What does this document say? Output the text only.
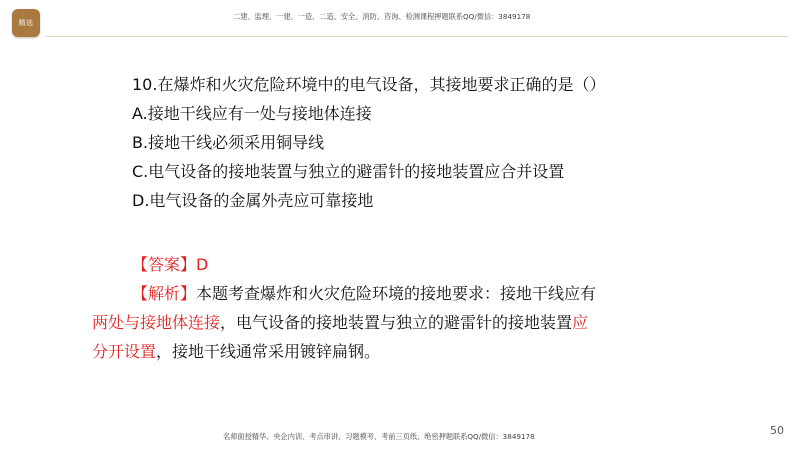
精选
二建、监理、一建、一造、二造、安全、消防、咨询、检测课程押题联系QQ/微信：3849178
10.在爆炸和火灾危险环境中的电气设备，其接地要求正确的是（）
A.接地干线应有一处与接地体连接
B.接地干线必须采用铜导线
C.电气设备的接地装置与独立的避雷针的接地装置应合并设置
D.电气设备的金属外壳应可靠接地
【答案】D
【解析】本题考查爆炸和火灾危险环境的接地要求：接地干线应有
两处与接地体连接，电气设备的接地装置与独立的避雷针的接地装置应
分开设置，接地干线通常采用镀锌扁钢。
名师面授精华、央企内训、考点串讲、习题模考、考前三页纸、绝密押题联系QQ/微信：3849178	50
